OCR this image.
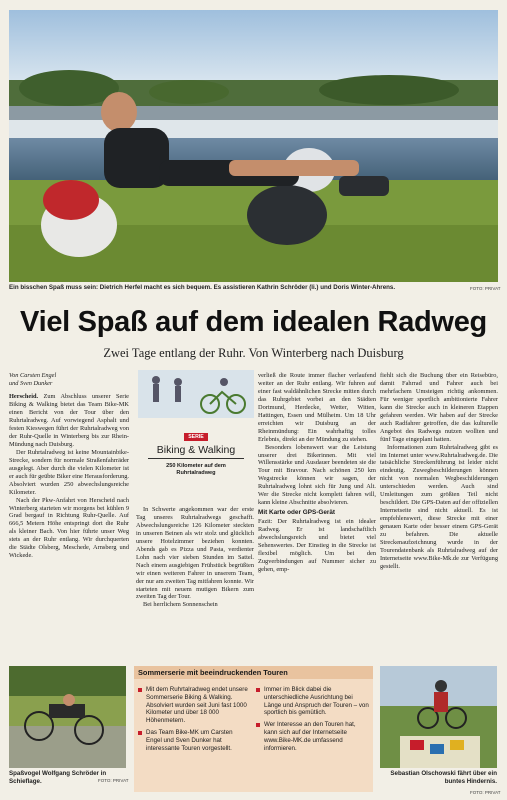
Ein bisschen Spaß muss sein: Dietrich Herfel macht es sich bequem. Es assistieren Kathrin Schröder (li.) und Doris Winter-Ahrens.	FOTO: PRIVAT
Viel Spaß auf dem idealen Radweg
Zwei Tage entlang der Ruhr. Von Winterberg nach Duisburg
Von Carsten Engel
und Sven Dunker

Herscheid. Zum Abschluss unserer Serie Biking & Walking bietet das Team Bike-MK einen Bericht von der Tour über den Ruhrtalradweg. Auf vorwiegend Asphalt und festen Kieswegen führt der Ruhrtalradweg von der Ruhr-Quelle in Winterberg bis zur Rhein-Mündung nach Duisburg.

Der Ruhrtalradweg ist keine Mountainbike-Strecke, sondern für normale Straßenfahrräder ausgelegt. Aber durch die vielen Kilometer ist er auch für geübte Biker eine Herausforderung. Absolviert wurden 250 abwechslungsreiche Kilometer.

Nach der Pkw-Anfahrt von Herscheid nach Winterberg starteten wir morgens bei kühlen 9 Grad bergauf in Richtung Ruhr-Quelle. Auf 666,5 Metern Höhe entspringt dort die Ruhr als kleiner Bach. Von hier führte unser Weg stets an der Ruhr entlang. Wir durchquerten die Städte Olsberg, Meschede, Arnsberg und Wickede.

SERIE
Biking & Walking
250 Kilometer auf dem
Ruhrtalradweg

In Schwerte angekommen war der erste Tag unseres Ruhrtalradwegs geschafft. Abwechslungsreiche 126 Kilometer steckten in unseren Beinen als wir stolz und glücklich unsere Hotelzimmer beziehen konnten. Abends gab es Pizza und Pasta, verdienter Lohn nach vier sieben Stunden im Sattel. Nach einem ausgiebigen Frühstück begrüßten wir einen weiteren Fahrer in unserem Team, der nur am zweiten Tag mitfahren konnte. Wir starteten mit neuem mutigen Bikern zum zweiten Tag der Tour.

Bei herrlichem Sonnenschein

verließ die Route immer flacher verlaufend weiter an der Ruhr entlang. Wir fuhren auf einer fast waldähnlichen Strecke mitten durch das Ruhrgebiet vorbei an den Städten Dortmund, Herdecke, Wetter, Witten, Hattingen, Essen und Mülheim. Um 18 Uhr erreichten wir Duisburg an der Rheinmündung: Ein wahrhaftig tolles Erlebnis, direkt an der Mündung zu stehen.

Besonders lobenswert war die Leistung unserer drei Bikerinnen. Mit viel Willensstärke und Ausdauer beendeten sie die Tour mit Bravour. Nach schönen 250 km Wegstrecke können wir sagen, der Ruhrtalradweg lohnt sich für Jung und Alt. Wer die Strecke nicht komplett fahren will, kann kleine Abschnitte absolvieren.

Mit Karte oder GPS-Gerät

Fazit: Der Ruhrtalradweg ist ein idealer Radweg. Er ist landschaftlich abwechslungsreich und bietet viel Sehenswertes. Der Einstieg in die Strecke ist flexibel möglich. Um bei den Zugverbindungen auf Nummer sicher zu gehen, emp-

fiehlt sich die Buchung über ein Reisebüro, damit Fahrrad und Fahrer auch bei mehrfachem Umsteigen richtig ankommen. Für weniger sportlich ambitionierte Fahrer kann die Strecke auch in kleineren Etappen gefahren werden. Wir haben auf der Strecke auch Radfahrer getroffen, die das kulturelle Angebot des Radwegs nutzen wollten und fünf Tage eingeplant hatten.

Informationen zum Ruhrtalradweg gibt es im Internet unter www.Ruhrtalradweg.de. Die tatsächliche Streckenführung ist leider nicht eindeutig. Zuwegbeschilderungen können nicht von normalen Wegbeschilderungen unterschieden werden. Auch sind Umleitungen zum größten Teil nicht beschildert. Die GPS-Daten auf der offiziellen Internetseite sind nicht aktuell. Es ist empfehlenswert, diese Strecke mit einer genauen Karte oder besser einem GPS-Gerät zu befahren. Die aktuelle Streckenaufzeichnung wurde in der Tourendatenbank als Ruhrtalradweg auf der Internetseite www.Bike-Mk.de zur Verfügung gestellt.

Spaßvogel Wolfgang Schröder in Schieflage.	FOTO: PRIVAT
Sommerserie mit beeindruckenden Touren
Mit dem Ruhrtalradweg endet unsere Sommerserie Biking & Walking. Absolviert wurden seit Juni fast 1000 Kilometer und über 18 000 Höhenmetern.
Das Team Bike-MK um Carsten Engel und Sven Dunker hat interessante Touren vorgestellt.
Immer im Blick dabei die unterschiedliche Ausrichtung bei Länge und Anspruch der Touren – von sportlich bis gemütlich.
Wer Interesse an den Touren hat, kann sich auf der Internetseite www.Bike-MK.de umfassend informieren.
Sebastian Olschowski fährt über ein buntes Hindernis.
FOTO: PRIVAT
